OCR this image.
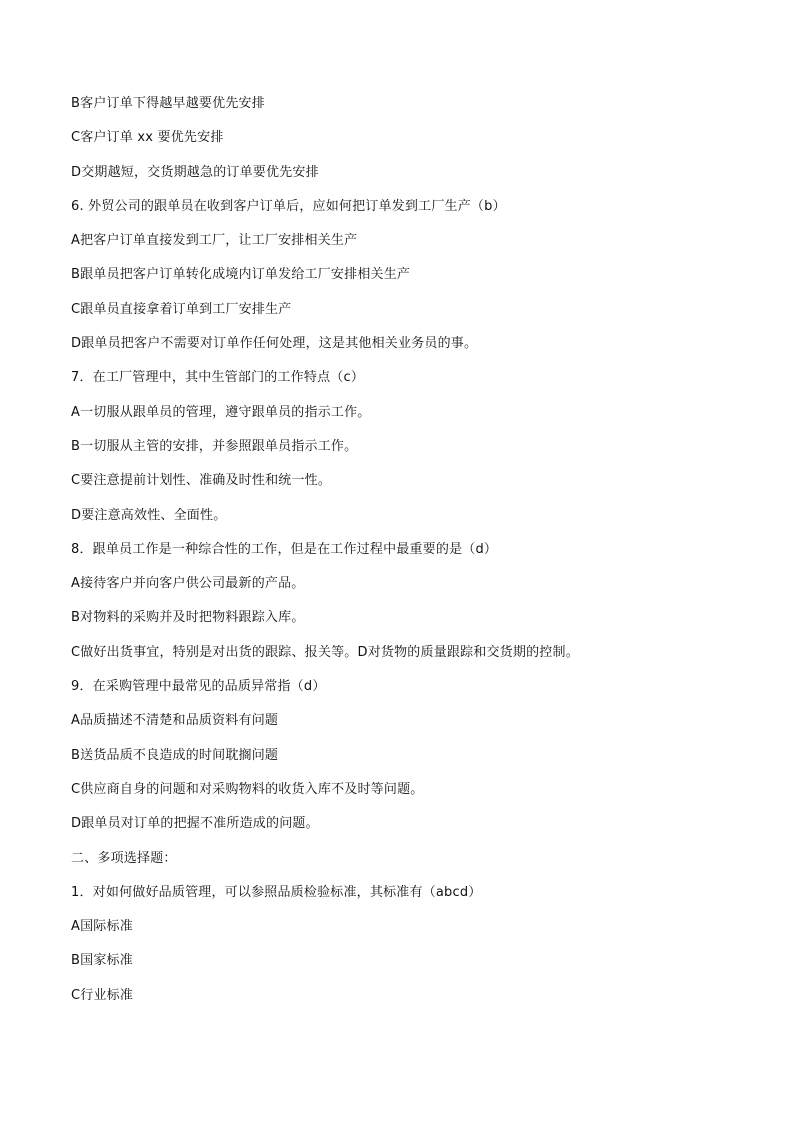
B客户订单下得越早越要优先安排
C客户订单 xx 要优先安排
D交期越短，交货期越急的订单要优先安排
6. 外贸公司的跟单员在收到客户订单后，应如何把订单发到工厂生产（b）
A把客户订单直接发到工厂，让工厂安排相关生产
B跟单员把客户订单转化成境内订单发给工厂安排相关生产
C跟单员直接拿着订单到工厂安排生产
D跟单员把客户不需要对订单作任何处理，这是其他相关业务员的事。
7．在工厂管理中，其中生管部门的工作特点（c）
A一切服从跟单员的管理，遵守跟单员的指示工作。
B一切服从主管的安排，并参照跟单员指示工作。
C要注意提前计划性、准确及时性和统一性。
D要注意高效性、全面性。
8．跟单员工作是一种综合性的工作，但是在工作过程中最重要的是（d）
A接待客户并向客户供公司最新的产品。
B对物料的采购并及时把物料跟踪入库。
C做好出货事宜，特别是对出货的跟踪、报关等。D对货物的质量跟踪和交货期的控制。
9．在采购管理中最常见的品质异常指（d）
A品质描述不清楚和品质资料有问题
B送货品质不良造成的时间耽搁问题
C供应商自身的问题和对采购物料的收货入库不及时等问题。
D跟单员对订单的把握不准所造成的问题。
二、多项选择题：
1．对如何做好品质管理，可以参照品质检验标准，其标准有（abcd）
A国际标准
B国家标准
C行业标准
